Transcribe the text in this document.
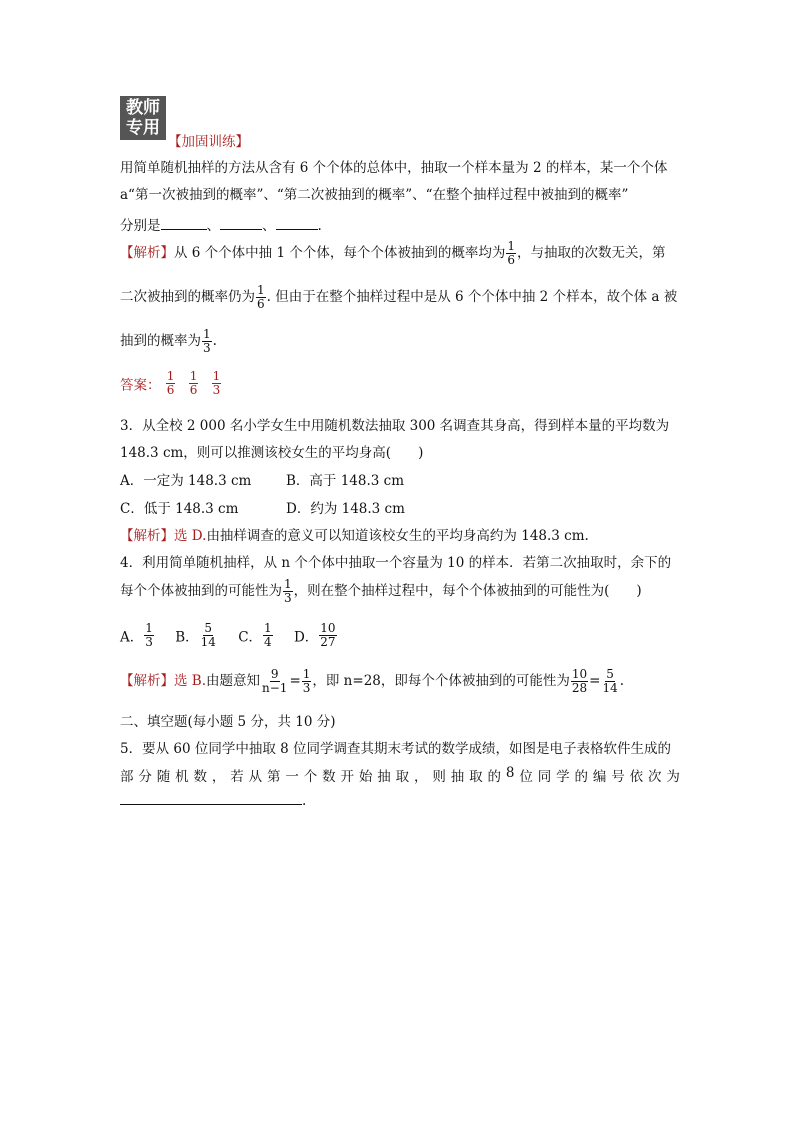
教师
专用
【加固训练】
用简单随机抽样的方法从含有 6 个个体的总体中，抽取一个样本量为 2 的样本，某一个个体
a“第一次被抽到的概率”、“第二次被抽到的概率”、“在整个抽样过程中被抽到的概率”
分别是	、	、	.
【解析】从 6 个个体中抽 1 个个体，每个个体被抽到的概率均为 $\frac{1}{6}$ ，与抽取的次数无关，第
二次被抽到的概率仍为 $\frac{1}{6}$ . 但由于在整个抽样过程中是从 6 个个体中抽 2 个样本，故个体 a 被
抽到的概率为 $\frac{1}{3}$ .
答案： $\frac{1}{6}$
$\frac{1}{6}$
$\frac{1}{3}$
3．从全校 2 000 名小学女生中用随机数法抽取 300 名调查其身高，得到样本量的平均数为
148.3 cm，则可以推测该校女生的平均身高(　　)
A．一定为 148.3 cm	B．高于 148.3 cm
C．低于 148.3 cm	D．约为 148.3 cm
【解析】选 D.由抽样调查的意义可以知道该校女生的平均身高约为 148.3 cm.
4．利用简单随机抽样，从 n 个个体中抽取一个容量为 10 的样本．若第二次抽取时，余下的
每个个体被抽到的可能性为 $\frac{1}{3}$ ，则在整个抽样过程中，每个个体被抽到的可能性为(　　)
A． $\frac{1}{3}$ B． $\frac{5}{14}$ C． $\frac{1}{4}$ D． $\frac{10}{27}$
【解析】选 B.由题意知 $\frac{9}{n-1} = \frac{1}{3}$ ，即 n=28，即每个个体被抽到的可能性为 $\frac{10}{28} = \frac{5}{14}$ .
二、填空题(每小题 5 分，共 10 分)
5．要从 60 位同学中抽取 8 位同学调查其期末考试的数学成绩，如图是电子表格软件生成的
部 分 随 机 数 ， 若 从 第 一 个 数 开 始 抽 取 ， 则 抽 取 的 8 位 同 学 的 编 号 依 次 为
.
